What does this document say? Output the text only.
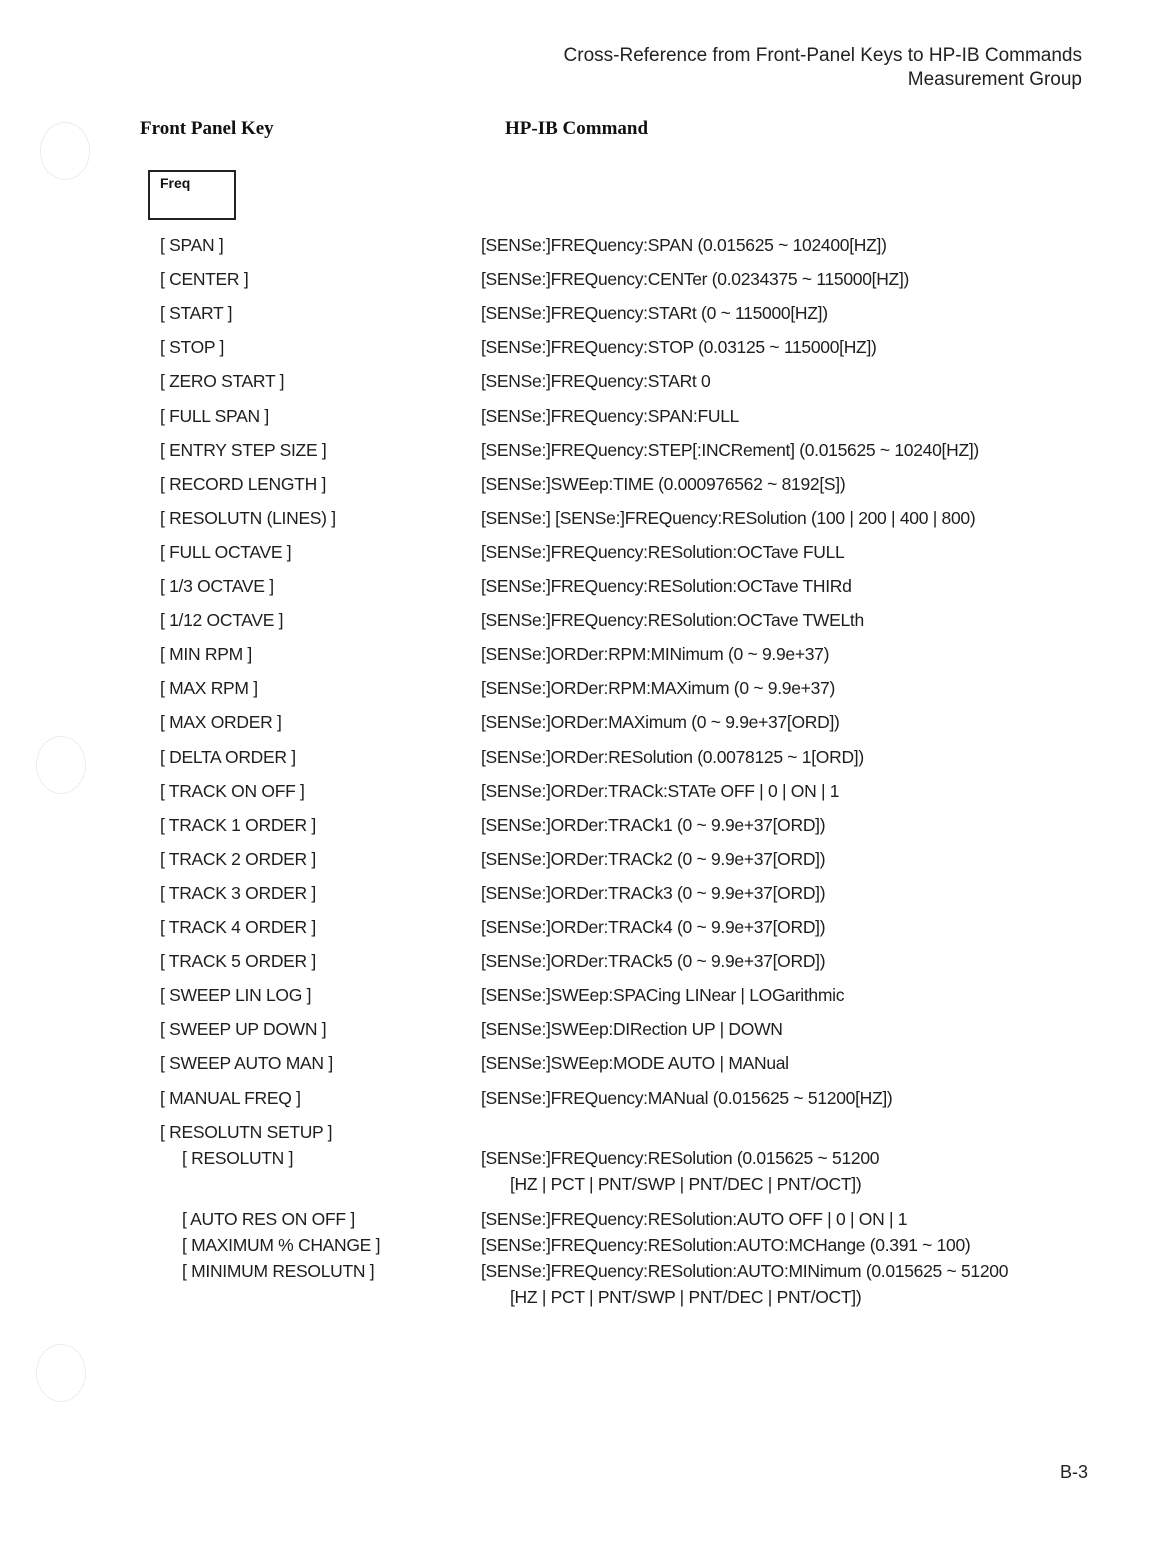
Cross-Reference from Front-Panel Keys to HP-IB Commands
Measurement Group
Front Panel Key	HP-IB Command
Freq
[ SPAN ]	[SENSe:]FREQuency:SPAN (0.015625 ~ 102400[HZ])
[ CENTER ]	[SENSe:]FREQuency:CENTer (0.0234375 ~ 115000[HZ])
[ START ]	[SENSe:]FREQuency:STARt (0 ~ 115000[HZ])
[ STOP ]	[SENSe:]FREQuency:STOP (0.03125 ~ 115000[HZ])
[ ZERO START ]	[SENSe:]FREQuency:STARt 0
[ FULL SPAN ]	[SENSe:]FREQuency:SPAN:FULL
[ ENTRY STEP SIZE ]	[SENSe:]FREQuency:STEP[:INCRement] (0.015625 ~ 10240[HZ])
[ RECORD LENGTH ]	[SENSe:]SWEep:TIME (0.000976562 ~ 8192[S])
[ RESOLUTN (LINES) ]	[SENSe:] [SENSe:]FREQuency:RESolution (100 | 200 | 400 | 800)
[ FULL OCTAVE ]	[SENSe:]FREQuency:RESolution:OCTave FULL
[ 1/3 OCTAVE ]	[SENSe:]FREQuency:RESolution:OCTave THIRd
[ 1/12 OCTAVE ]	[SENSe:]FREQuency:RESolution:OCTave TWELth
[ MIN RPM ]	[SENSe:]ORDer:RPM:MINimum (0 ~ 9.9e+37)
[ MAX RPM ]	[SENSe:]ORDer:RPM:MAXimum (0 ~ 9.9e+37)
[ MAX ORDER ]	[SENSe:]ORDer:MAXimum (0 ~ 9.9e+37[ORD])
[ DELTA ORDER ]	[SENSe:]ORDer:RESolution (0.0078125 ~ 1[ORD])
[ TRACK ON OFF ]	[SENSe:]ORDer:TRACk:STATe OFF | 0 | ON | 1
[ TRACK 1 ORDER ]	[SENSe:]ORDer:TRACk1 (0 ~ 9.9e+37[ORD])
[ TRACK 2 ORDER ]	[SENSe:]ORDer:TRACk2 (0 ~ 9.9e+37[ORD])
[ TRACK 3 ORDER ]	[SENSe:]ORDer:TRACk3 (0 ~ 9.9e+37[ORD])
[ TRACK 4 ORDER ]	[SENSe:]ORDer:TRACk4 (0 ~ 9.9e+37[ORD])
[ TRACK 5 ORDER ]	[SENSe:]ORDer:TRACk5 (0 ~ 9.9e+37[ORD])
[ SWEEP LIN LOG ]	[SENSe:]SWEep:SPACing LINear | LOGarithmic
[ SWEEP UP DOWN ]	[SENSe:]SWEep:DIRection UP | DOWN
[ SWEEP AUTO MAN ]	[SENSe:]SWEep:MODE AUTO | MANual
[ MANUAL FREQ ]	[SENSe:]FREQuency:MANual (0.015625 ~ 51200[HZ])
[ RESOLUTN SETUP ]
[ RESOLUTN ]	[SENSe:]FREQuency:RESolution (0.015625 ~ 51200
[HZ | PCT | PNT/SWP | PNT/DEC | PNT/OCT])
[ AUTO RES ON OFF ]	[SENSe:]FREQuency:RESolution:AUTO OFF | 0 | ON | 1
[ MAXIMUM % CHANGE ]	[SENSe:]FREQuency:RESolution:AUTO:MCHange (0.391 ~ 100)
[ MINIMUM RESOLUTN ]	[SENSe:]FREQuency:RESolution:AUTO:MINimum (0.015625 ~ 51200
[HZ | PCT | PNT/SWP | PNT/DEC | PNT/OCT])
B-3
